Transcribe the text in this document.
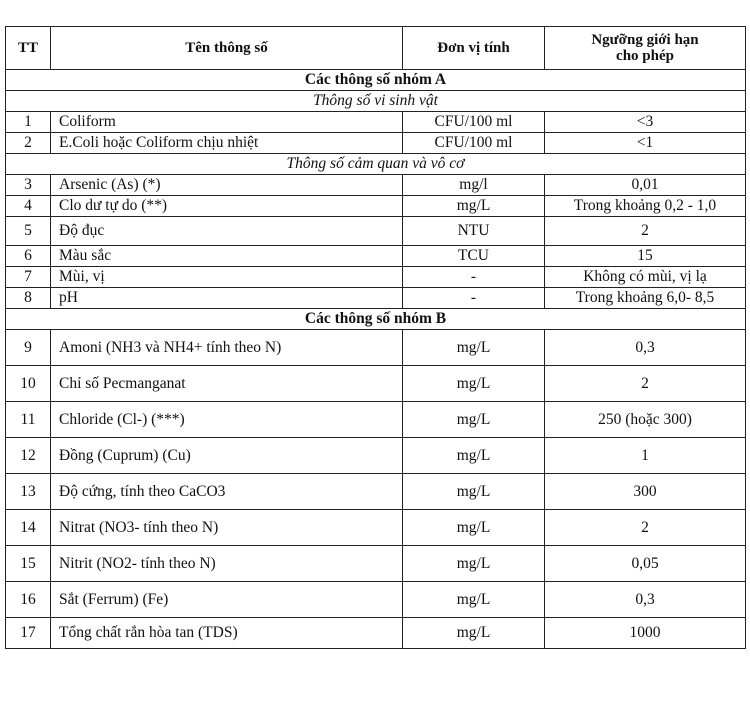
TT	Tên thông số	Đơn vị tính	Ngưỡng giới hạn
cho phép
Các thông số nhóm A			
Thông số vi sinh vật			
1	Coliform	CFU/100 ml	<3
2	E.Coli hoặc Coliform chịu nhiệt	CFU/100 ml	<1
Thông số cảm quan và vô cơ			
3	Arsenic (As) (*)	mg/l	0,01
4	Clo dư tự do (**)	mg/L	Trong khoảng 0,2 - 1,0
5	Độ đục	NTU	2
6	Màu sắc	TCU	15
7	Mùi, vị	-	Không có mùi, vị lạ
8	pH	-	Trong khoảng 6,0- 8,5
Các thông số nhóm B			
9	Amoni (NH3 và NH4+ tính theo N)	mg/L	0,3
10	Chỉ số Pecmanganat	mg/L	2
11	Chloride (Cl-) (***)	mg/L	250 (hoặc 300)
12	Đồng (Cuprum) (Cu)	mg/L	1
13	Độ cứng, tính theo CaCO3	mg/L	300
14	Nitrat (NO3- tính theo N)	mg/L	2
15	Nitrit (NO2- tính theo N)	mg/L	0,05
16	Sắt (Ferrum) (Fe)	mg/L	0,3
17	Tổng chất rắn hòa tan (TDS)	mg/L	1000
